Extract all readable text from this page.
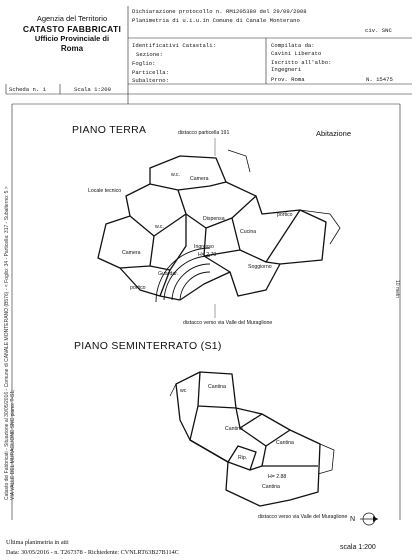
Agenzia del Territorio
CATASTO FABBRICATI
Ufficio Provinciale di
Roma
Dichiarazione protocollo n. RM1205389 del 29/09/2008
Planimetria di u.i.u.in Comune di Canale Monterano
civ. SNC
Identificativi Catastali:
Sezione:
Foglio:
Particella:
Subalterno:
Compilata da:
Cavini Liberato
Iscritto all'albo:
Ingegneri
Prov. Roma	N. 15475
Scheda n. 1	Scala 1:200
PIANO TERRA	distacco particella 191	Abitazione
w.c.
Camera
Locale tecnico
Dispensa
w.c.
Cucina
portico
Camera
Ingresso
H= 2.70
Soggiorno
Guardar.
portico
distacco verso via Valle del Muraglione
10 metri
PIANO SEMINTERRATO (S1)
wc
Cantina
Cantina
Cantina
Rip.
H= 2.88
Cantina
distacco verso via Valle del Muraglione
Catasto dei Fabbricati - Situazione al 30/05/2016 - Comune di CANALE MONTERANO (B576) - < Foglio: 34 - Particella: 317 - Subalterno: 5 > VIA VALLE DEL MURAGLIONE SNC piano: T-S1;
N
scala 1:200
Ultima planimetria in atti
Data: 30/05/2016 - n. T267378 - Richiedente: CVNLRT63B27B114C
